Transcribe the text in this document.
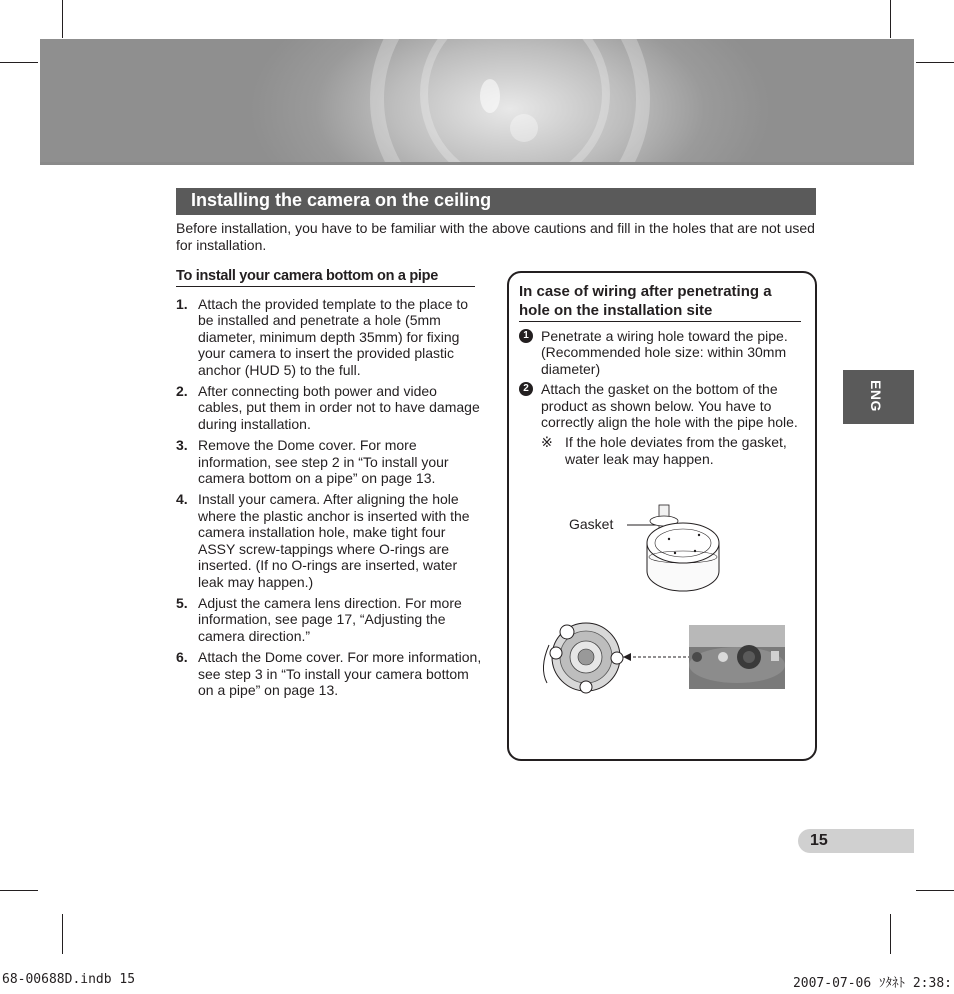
Installing the camera on the ceiling

Before installation, you have to be familiar with the above cautions and fill in the holes that are not used for installation.

To install your camera bottom on a pipe
1. Attach the provided template to the place to be installed and penetrate a hole (5mm diameter, minimum depth 35mm) for fixing your camera to insert the provided plastic anchor (HUD 5) to the full.
2. After connecting both power and video cables, put them in order not to have damage during installation.
3. Remove the Dome cover. For more information, see step 2 in “To install your camera bottom on a pipe” on page 13.
4. Install your camera. After aligning the hole where the plastic anchor is inserted with the camera installation hole, make tight four ASSY screw-tappings where O-rings are inserted. (If no O-rings are inserted, water leak may happen.)
5. Adjust the camera lens direction. For more information, see page 17, “Adjusting the camera direction.”
6. Attach the Dome cover. For more information, see step 3 in “To install your camera bottom on a pipe” on page 13.
In case of wiring after penetrating a hole on the installation site
1 Penetrate a wiring hole toward the pipe. (Recommended hole size: within 30mm diameter)
2 Attach the gasket on the bottom of the product as shown below. You have to correctly align the hole with the pipe hole.
※ If the hole deviates from the gasket, water leak may happen.
Gasket
ENG
15
68-00688D.indb 15	2007-07-06 ｿﾀﾈﾄ 2:38:
